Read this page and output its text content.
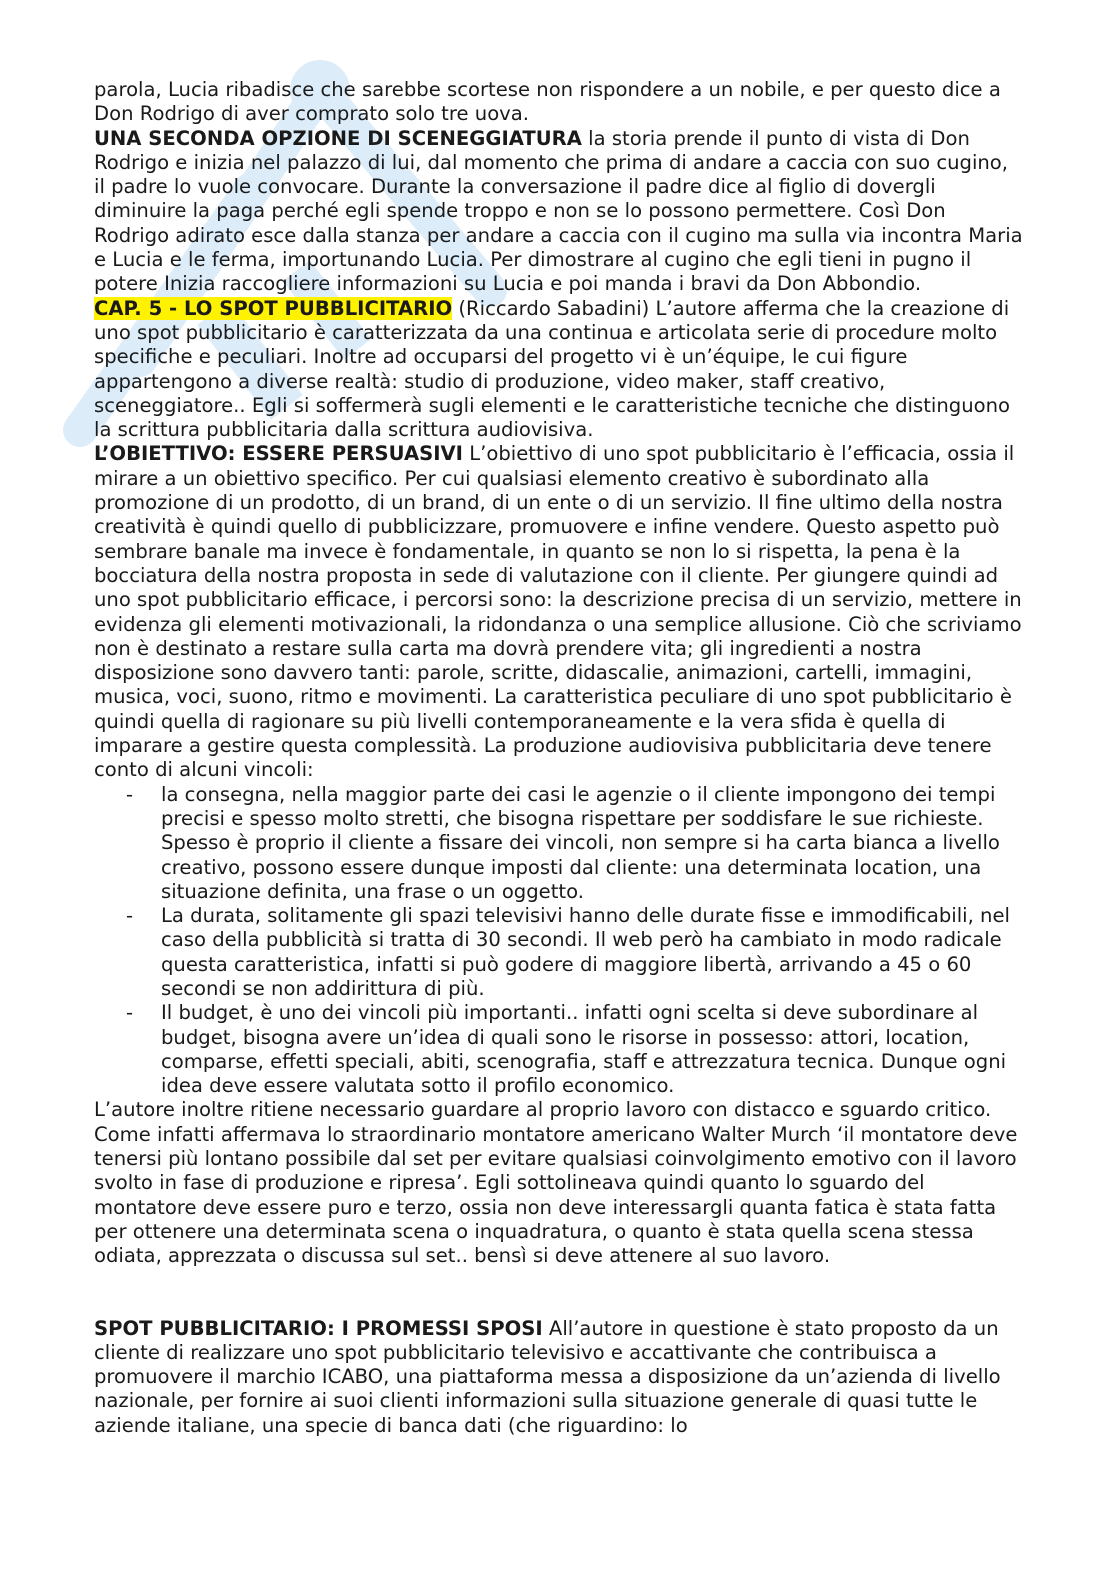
parola, Lucia ribadisce che sarebbe scortese non rispondere a un nobile, e per questo dice a Don Rodrigo di aver comprato solo tre uova.

UNA SECONDA OPZIONE DI SCENEGGIATURA la storia prende il punto di vista di Don Rodrigo e inizia nel palazzo di lui, dal momento che prima di andare a caccia con suo cugino, il padre lo vuole convocare. Durante la conversazione il padre dice al figlio di dovergli diminuire la paga perché egli spende troppo e non se lo possono permettere. Così Don Rodrigo adirato esce dalla stanza per andare a caccia con il cugino ma sulla via incontra Maria e Lucia e le ferma, importunando Lucia. Per dimostrare al cugino che egli tieni in pugno il potere Inizia raccogliere informazioni su Lucia e poi manda i bravi da Don Abbondio.

CAP. 5 - LO SPOT PUBBLICITARIO (Riccardo Sabadini) L’autore afferma che la creazione di uno spot pubblicitario è caratterizzata da una continua e articolata serie di procedure molto specifiche e peculiari. Inoltre ad occuparsi del progetto vi è un’équipe, le cui figure appartengono a diverse realtà: studio di produzione, video maker, staff creativo, sceneggiatore.. Egli si soffermerà sugli elementi e le caratteristiche tecniche che distinguono la scrittura pubblicitaria dalla scrittura audiovisiva.

L’OBIETTIVO: ESSERE PERSUASIVI L’obiettivo di uno spot pubblicitario è l’efficacia, ossia il mirare a un obiettivo specifico. Per cui qualsiasi elemento creativo è subordinato alla promozione di un prodotto, di un brand, di un ente o di un servizio. Il fine ultimo della nostra creatività è quindi quello di pubblicizzare, promuovere e infine vendere. Questo aspetto può sembrare banale ma invece è fondamentale, in quanto se non lo si rispetta, la pena è la bocciatura della nostra proposta in sede di valutazione con il cliente. Per giungere quindi ad uno spot pubblicitario efficace, i percorsi sono: la descrizione precisa di un servizio, mettere in evidenza gli elementi motivazionali, la ridondanza o una semplice allusione. Ciò che scriviamo non è destinato a restare sulla carta ma dovrà prendere vita; gli ingredienti a nostra disposizione sono davvero tanti: parole, scritte, didascalie, animazioni, cartelli, immagini, musica, voci, suono, ritmo e movimenti. La caratteristica peculiare di uno spot pubblicitario è quindi quella di ragionare su più livelli contemporaneamente e la vera sfida è quella di imparare a gestire questa complessità. La produzione audiovisiva pubblicitaria deve tenere conto di alcuni vincoli:

- la consegna, nella maggior parte dei casi le agenzie o il cliente impongono dei tempi precisi e spesso molto stretti, che bisogna rispettare per soddisfare le sue richieste. Spesso è proprio il cliente a fissare dei vincoli, non sempre si ha carta bianca a livello creativo, possono essere dunque imposti dal cliente: una determinata location, una situazione definita, una frase o un oggetto.
- La durata, solitamente gli spazi televisivi hanno delle durate fisse e immodificabili, nel caso della pubblicità si tratta di 30 secondi. Il web però ha cambiato in modo radicale questa caratteristica, infatti si può godere di maggiore libertà, arrivando a 45 o 60 secondi se non addirittura di più.
- Il budget, è uno dei vincoli più importanti.. infatti ogni scelta si deve subordinare al budget, bisogna avere un’idea di quali sono le risorse in possesso: attori, location, comparse, effetti speciali, abiti, scenografia, staff e attrezzatura tecnica. Dunque ogni idea deve essere valutata sotto il profilo economico.

L’autore inoltre ritiene necessario guardare al proprio lavoro con distacco e sguardo critico. Come infatti affermava lo straordinario montatore americano Walter Murch ‘il montatore deve tenersi più lontano possibile dal set per evitare qualsiasi coinvolgimento emotivo con il lavoro svolto in fase di produzione e ripresa’. Egli sottolineava quindi quanto lo sguardo del montatore deve essere puro e terzo, ossia non deve interessargli quanta fatica è stata fatta per ottenere una determinata scena o inquadratura, o quanto è stata quella scena stessa odiata, apprezzata o discussa sul set.. bensì si deve attenere al suo lavoro.

SPOT PUBBLICITARIO: I PROMESSI SPOSI All’autore in questione è stato proposto da un cliente di realizzare uno spot pubblicitario televisivo e accattivante che contribuisca a promuovere il marchio ICABO, una piattaforma messa a disposizione da un’azienda di livello nazionale, per fornire ai suoi clienti informazioni sulla situazione generale di quasi tutte le aziende italiane, una specie di banca dati (che riguardino: lo
